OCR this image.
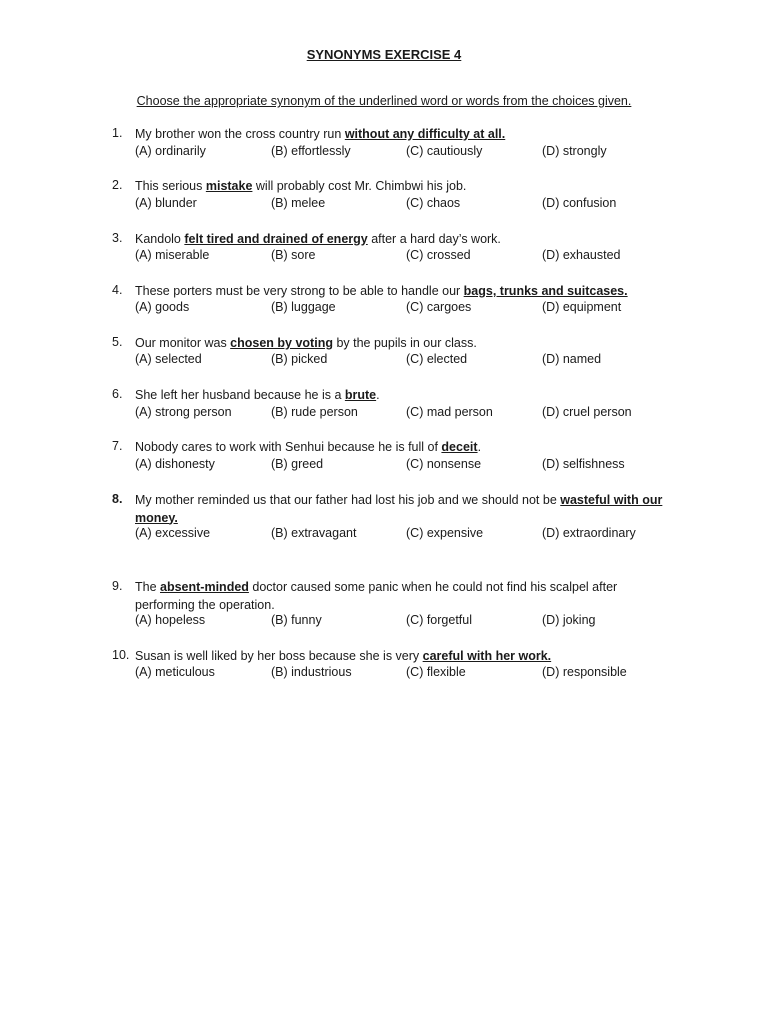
SYNONYMS EXERCISE 4
Choose the appropriate synonym of the underlined word or words from the choices given.
1.	My brother won the cross country run without any difficulty at all.
(A) ordinarily	(B) effortlessly	(C) cautiously	(D) strongly
2.	This serious mistake will probably cost Mr. Chimbwi his job.
(A) blunder	(B) melee	(C) chaos	(D) confusion
3.	Kandolo felt tired and drained of energy after a hard day’s work.
(A) miserable	(B) sore	(C) crossed	(D) exhausted
4.	These porters must be very strong to be able to handle our bags, trunks and suitcases.
(A) goods	(B) luggage	(C) cargoes	(D) equipment
5.	Our monitor was chosen by voting by the pupils in our class.
(A) selected	(B) picked	(C) elected	(D) named
6.	She left her husband because he is a brute.
(A) strong person	(B) rude person	(C) mad person	(D) cruel person
7.	Nobody cares to work with Senhui because he is full of deceit.
(A) dishonesty	(B) greed	(C) nonsense	(D) selfishness
8.	My mother reminded us that our father had lost his job and we should not be wasteful with our money.
(A) excessive	(B) extravagant	(C) expensive	(D) extraordinary
9.	The absent-minded doctor caused some panic when he could not find his scalpel after performing the operation.
(A) hopeless	(B) funny	(C) forgetful	(D) joking
10. Susan is well liked by her boss because she is very careful with her work.
(A) meticulous	(B) industrious	(C) flexible	(D) responsible
